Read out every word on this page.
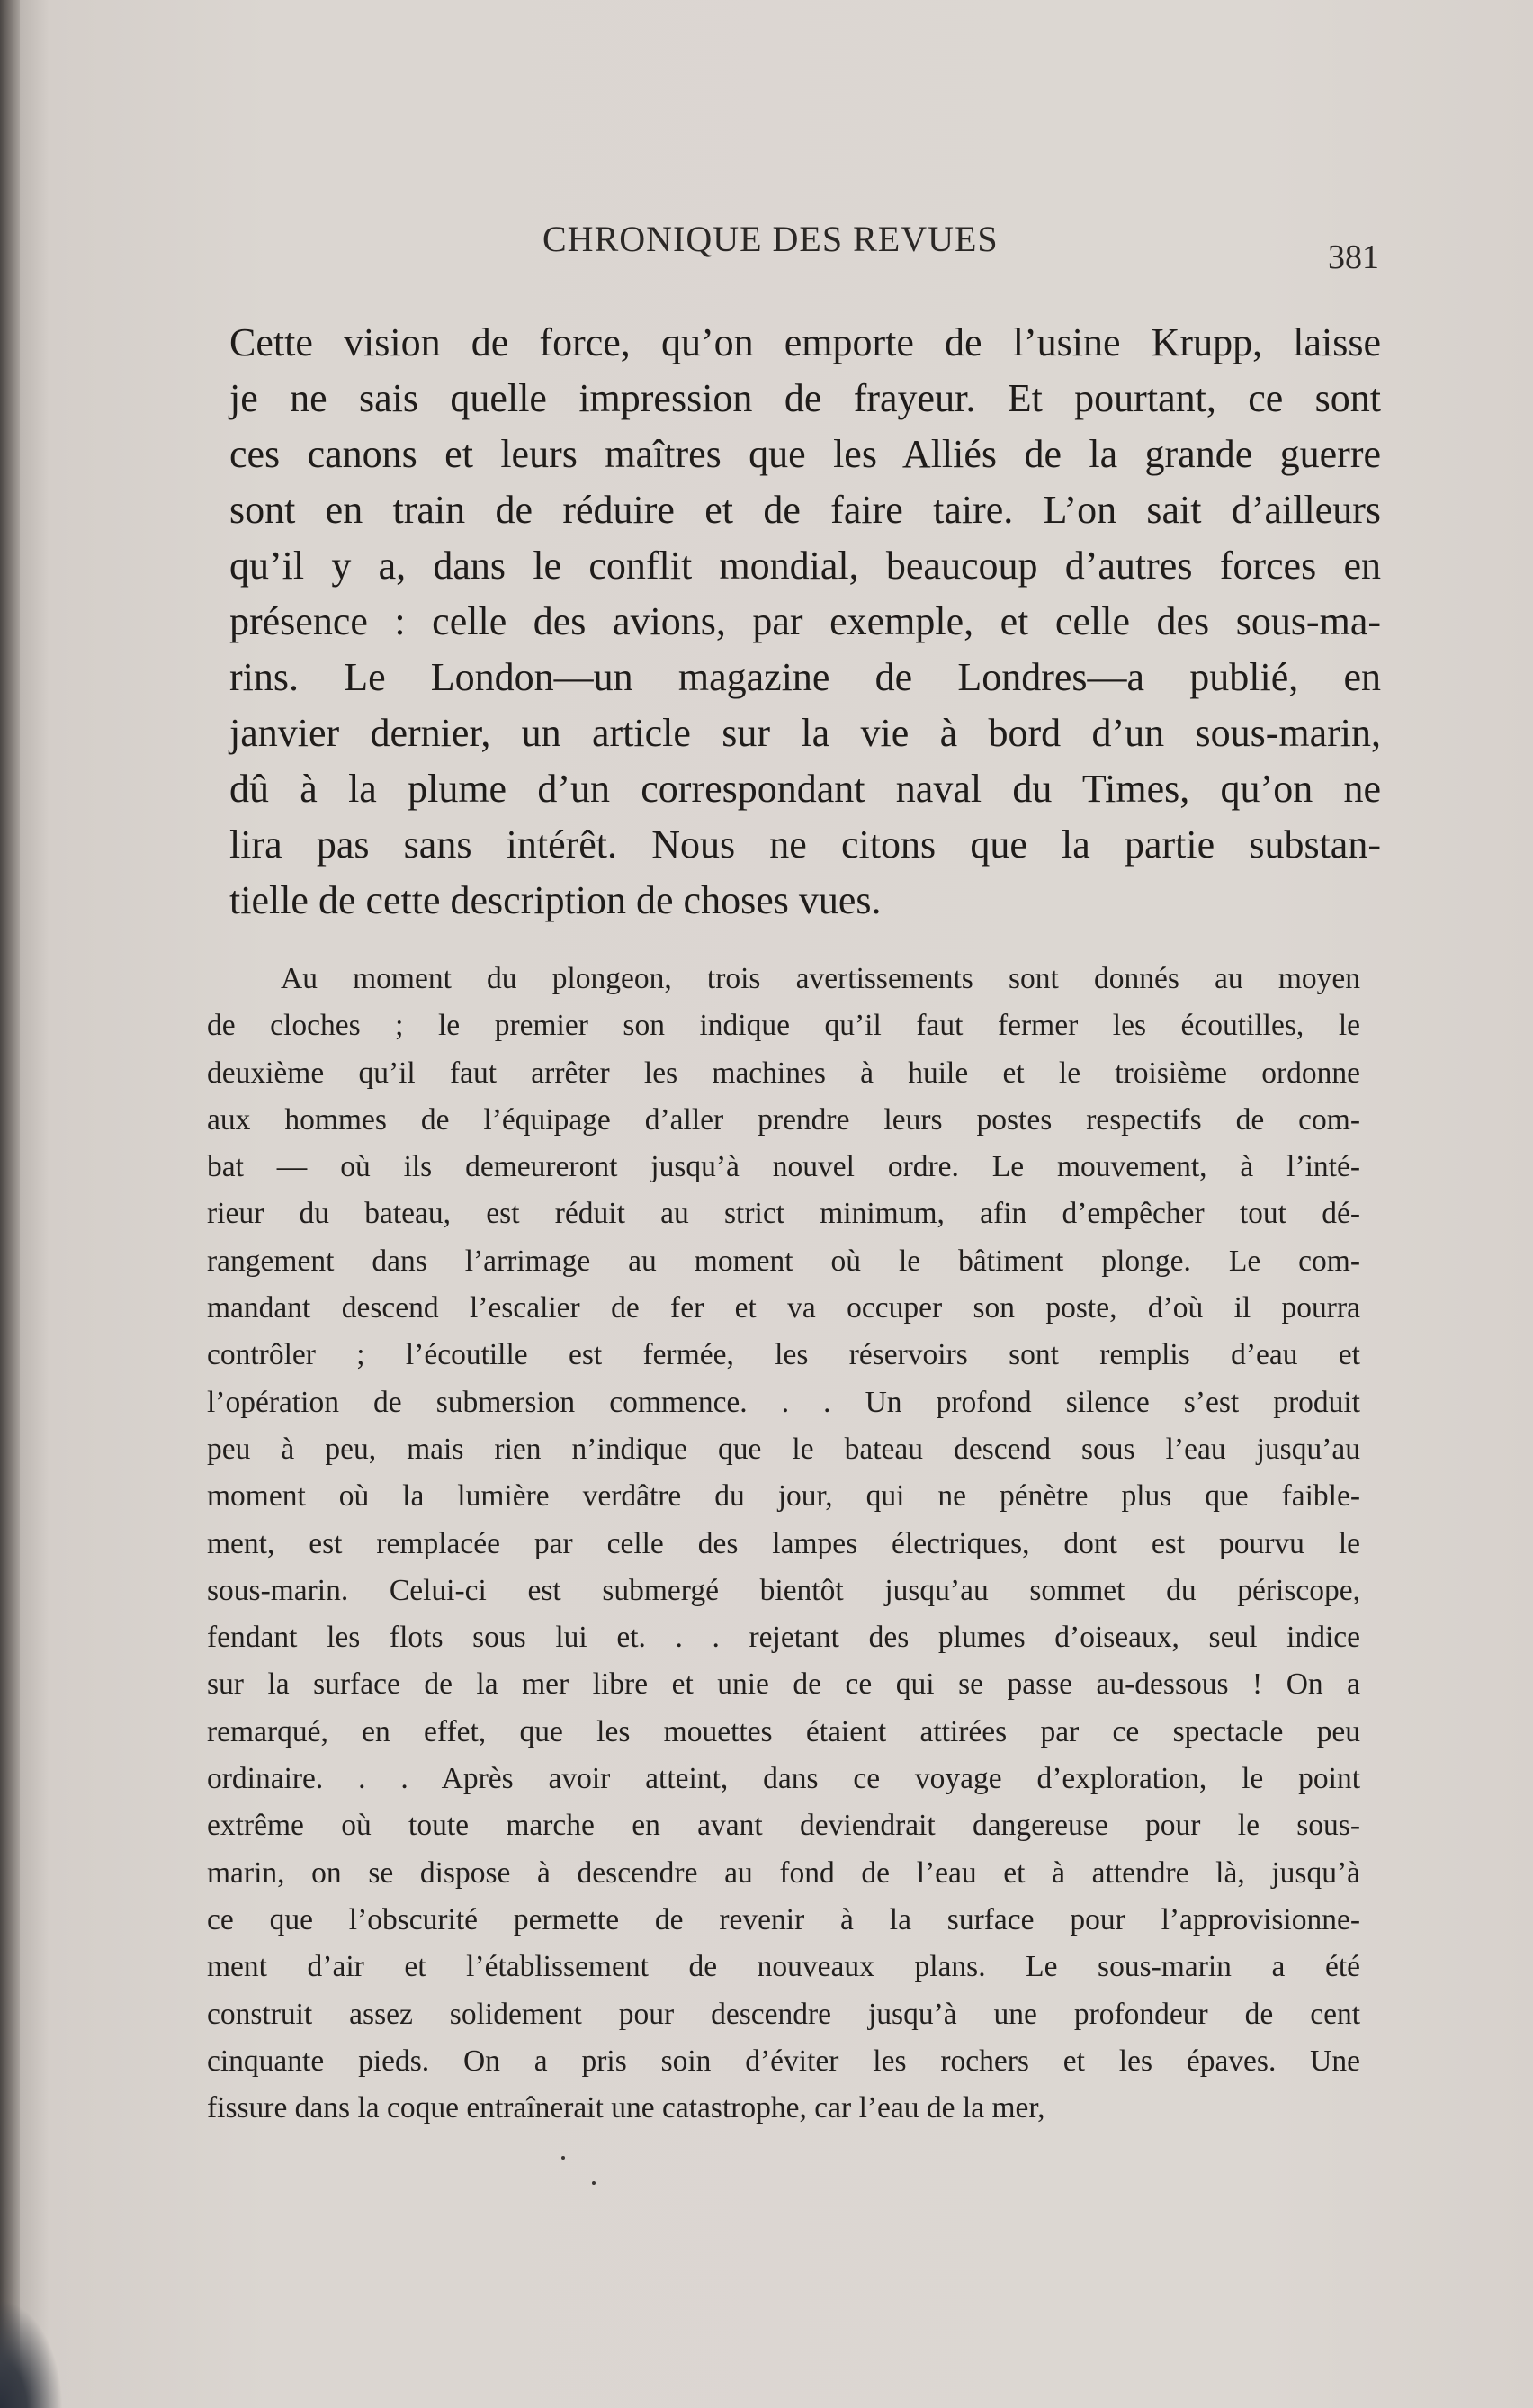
CHRONIQUE DES REVUES	381
Cette vision de force, qu’on emporte de l’usine Krupp, laisse
je ne sais quelle impression de frayeur. Et pourtant, ce sont
ces canons et leurs maîtres que les Alliés de la grande guerre
sont en train de réduire et de faire taire. L’on sait d’ailleurs
qu’il y a, dans le conflit mondial, beaucoup d’autres forces en
présence : celle des avions, par exemple, et celle des sous-ma-
rins. Le London—un magazine de Londres—a publié, en
janvier dernier, un article sur la vie à bord d’un sous-marin,
dû à la plume d’un correspondant naval du Times, qu’on ne
lira pas sans intérêt. Nous ne citons que la partie substan-
tielle de cette description de choses vues.
Au moment du plongeon, trois avertissements sont donnés au moyen
de cloches ; le premier son indique qu’il faut fermer les écoutilles, le
deuxième qu’il faut arrêter les machines à huile et le troisième ordonne
aux hommes de l’équipage d’aller prendre leurs postes respectifs de com-
bat — où ils demeureront jusqu’à nouvel ordre. Le mouvement, à l’inté-
rieur du bateau, est réduit au strict minimum, afin d’empêcher tout dé-
rangement dans l’arrimage au moment où le bâtiment plonge. Le com-
mandant descend l’escalier de fer et va occuper son poste, d’où il pourra
contrôler ; l’écoutille est fermée, les réservoirs sont remplis d’eau et
l’opération de submersion commence. . . Un profond silence s’est produit
peu à peu, mais rien n’indique que le bateau descend sous l’eau jusqu’au
moment où la lumière verdâtre du jour, qui ne pénètre plus que faible-
ment, est remplacée par celle des lampes électriques, dont est pourvu le
sous-marin. Celui-ci est submergé bientôt jusqu’au sommet du périscope,
fendant les flots sous lui et. . . rejetant des plumes d’oiseaux, seul indice
sur la surface de la mer libre et unie de ce qui se passe au-dessous ! On a
remarqué, en effet, que les mouettes étaient attirées par ce spectacle peu
ordinaire. . . Après avoir atteint, dans ce voyage d’exploration, le point
extrême où toute marche en avant deviendrait dangereuse pour le sous-
marin, on se dispose à descendre au fond de l’eau et à attendre là, jusqu’à
ce que l’obscurité permette de revenir à la surface pour l’approvisionne-
ment d’air et l’établissement de nouveaux plans. Le sous-marin a été
construit assez solidement pour descendre jusqu’à une profondeur de cent
cinquante pieds. On a pris soin d’éviter les rochers et les épaves. Une
fissure dans la coque entraînerait une catastrophe, car l’eau de la mer,
